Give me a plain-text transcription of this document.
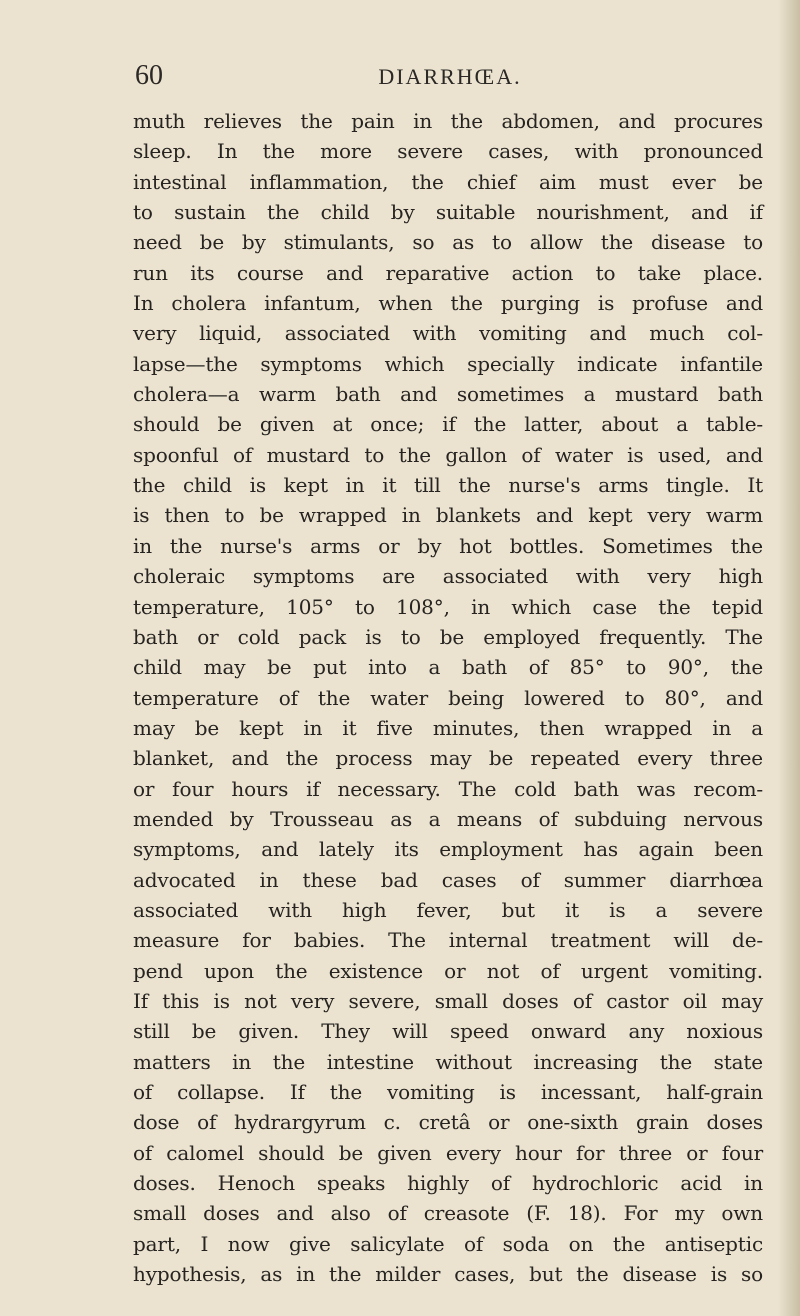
60	DIARRHŒA.
muth relieves the pain in the abdomen, and procures
sleep. In the more severe cases, with pronounced
intestinal inflammation, the chief aim must ever be
to sustain the child by suitable nourishment, and if
need be by stimulants, so as to allow the disease to
run its course and reparative action to take place.
In cholera infantum, when the purging is profuse and
very liquid, associated with vomiting and much col-
lapse—the symptoms which specially indicate infantile
cholera—a warm bath and sometimes a mustard bath
should be given at once; if the latter, about a table-
spoonful of mustard to the gallon of water is used, and
the child is kept in it till the nurse's arms tingle. It
is then to be wrapped in blankets and kept very warm
in the nurse's arms or by hot bottles. Sometimes the
choleraic symptoms are associated with very high
temperature, 105° to 108°, in which case the tepid
bath or cold pack is to be employed frequently. The
child may be put into a bath of 85° to 90°, the
temperature of the water being lowered to 80°, and
may be kept in it five minutes, then wrapped in a
blanket, and the process may be repeated every three
or four hours if necessary. The cold bath was recom-
mended by Trousseau as a means of subduing nervous
symptoms, and lately its employment has again been
advocated in these bad cases of summer diarrhœa
associated with high fever, but it is a severe
measure for babies. The internal treatment will de-
pend upon the existence or not of urgent vomiting.
If this is not very severe, small doses of castor oil may
still be given. They will speed onward any noxious
matters in the intestine without increasing the state
of collapse. If the vomiting is incessant, half-grain
dose of hydrargyrum c. cretâ or one-sixth grain doses
of calomel should be given every hour for three or four
doses. Henoch speaks highly of hydrochloric acid in
small doses and also of creasote (F. 18). For my own
part, I now give salicylate of soda on the antiseptic
hypothesis, as in the milder cases, but the disease is so
